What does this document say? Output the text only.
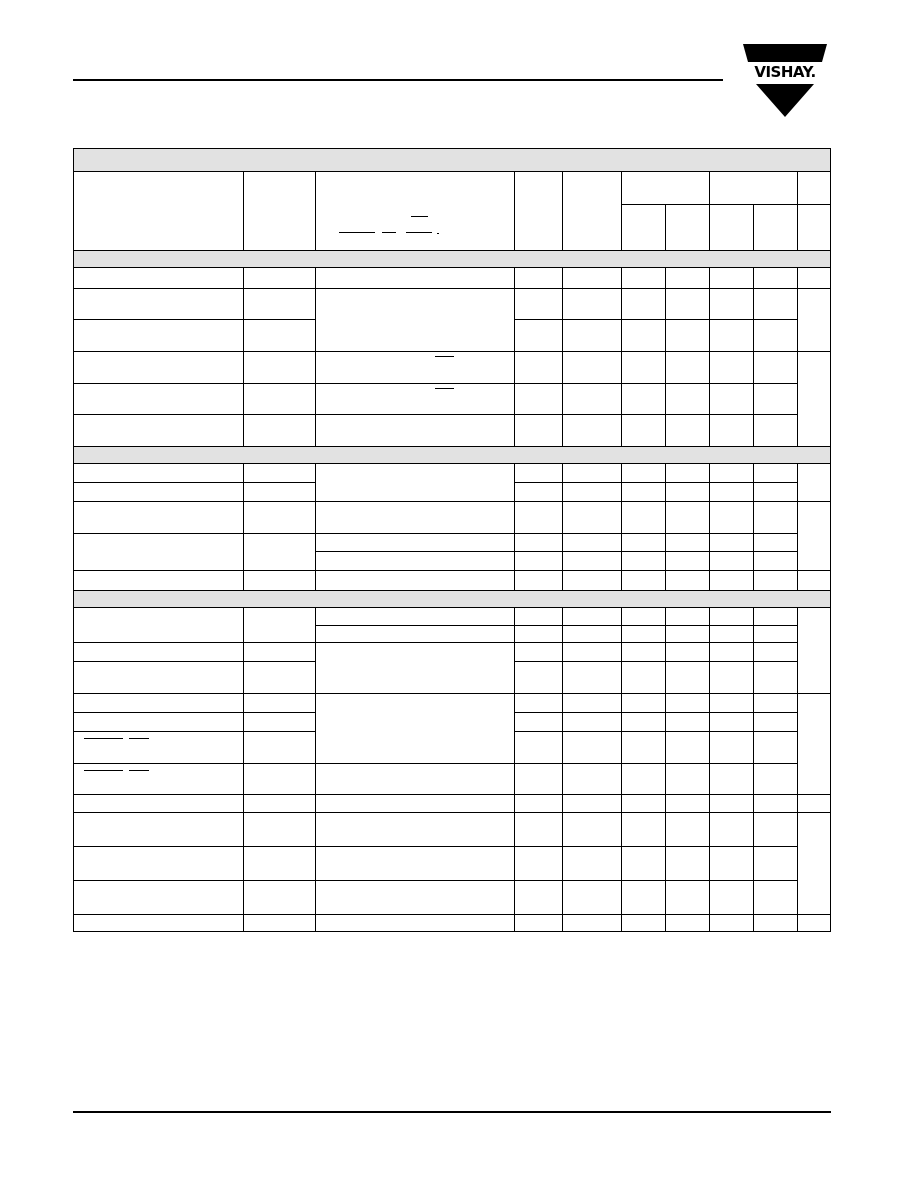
VISHAY.
